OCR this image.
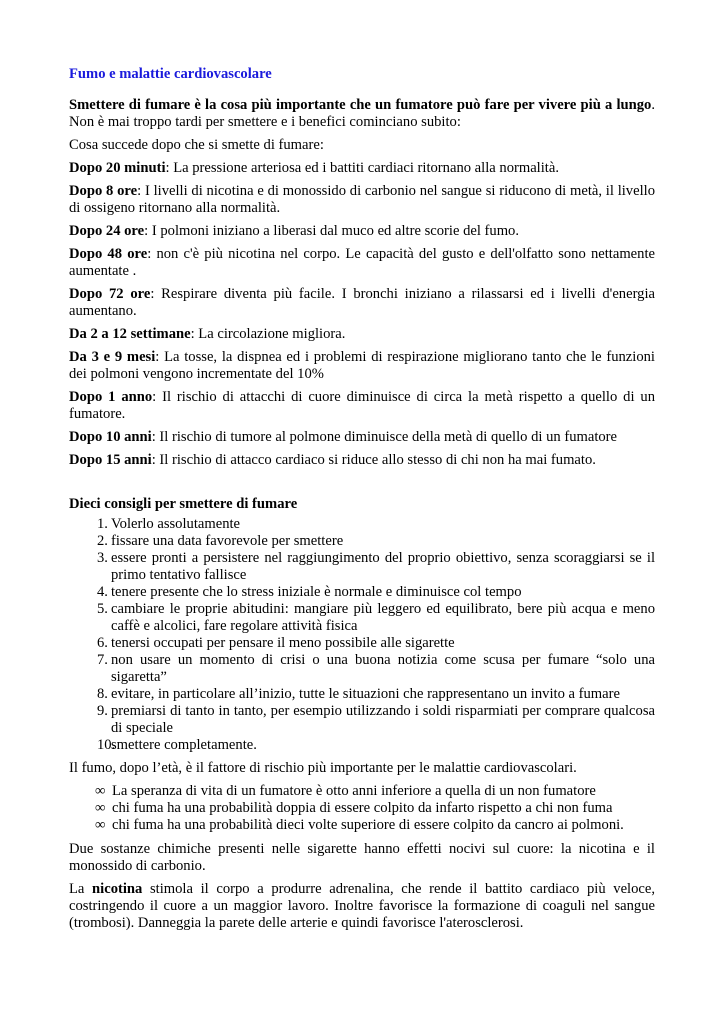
Fumo e malattie cardiovascolare

Smettere di fumare è la cosa più importante che un fumatore può fare per vivere più a lungo. Non è mai troppo tardi per smettere e i benefici cominciano subito:

Cosa succede dopo che si smette di fumare:

Dopo 20 minuti: La pressione arteriosa ed i battiti cardiaci ritornano alla normalità.

Dopo 8 ore: I livelli di nicotina e di monossido di carbonio nel sangue si riducono di metà, il livello di ossigeno ritornano alla normalità.

Dopo 24 ore: I polmoni iniziano a liberasi dal muco ed altre scorie del fumo.

Dopo 48 ore: non c'è più nicotina nel corpo. Le capacità del gusto e dell'olfatto sono nettamente aumentate .

Dopo 72 ore: Respirare diventa più facile. I bronchi iniziano a rilassarsi ed i livelli d'energia aumentano.

Da 2 a 12 settimane: La circolazione migliora.

Da 3 e 9 mesi: La tosse, la dispnea ed i problemi di respirazione migliorano tanto che le funzioni dei polmoni vengono incrementate del 10%

Dopo 1 anno: Il rischio di attacchi di cuore diminuisce di circa la metà rispetto a quello di un fumatore.

Dopo 10 anni: Il rischio di tumore al polmone diminuisce della metà di quello di un fumatore

Dopo 15 anni: Il rischio di attacco cardiaco si riduce allo stesso di chi non ha mai fumato.

Dieci consigli per smettere di fumare
1. Volerlo assolutamente
2. fissare una data favorevole per smettere
3. essere pronti a persistere nel raggiungimento del proprio obiettivo, senza scoraggiarsi se il primo tentativo fallisce
4. tenere presente che lo stress iniziale è normale e diminuisce col tempo
5. cambiare le proprie abitudini: mangiare più leggero ed equilibrato, bere più acqua e meno caffè e alcolici, fare regolare attività fisica
6. tenersi occupati per pensare il meno possibile alle sigarette
7. non usare un momento di crisi o una buona notizia come scusa per fumare “solo una sigaretta”
8. evitare, in particolare all’inizio, tutte le situazioni che rappresentano un invito a fumare
9. premiarsi di tanto in tanto, per esempio utilizzando i soldi risparmiati per comprare qualcosa di speciale
10.
smettere completamente.

Il fumo, dopo l’età, è il fattore di rischio più importante per le malattie cardiovascolari.

∞ La speranza di vita di un fumatore è otto anni inferiore a quella di un non fumatore
∞ chi fuma ha una probabilità doppia di essere colpito da infarto rispetto a chi non fuma
∞ chi fuma ha una probabilità dieci volte superiore di essere colpito da cancro ai polmoni.

Due sostanze chimiche presenti nelle sigarette hanno effetti nocivi sul cuore: la nicotina e il monossido di carbonio.

La nicotina stimola il corpo a produrre adrenalina, che rende il battito cardiaco più veloce, costringendo il cuore a un maggior lavoro. Inoltre favorisce la formazione di coaguli nel sangue (trombosi). Danneggia la parete delle arterie e quindi favorisce l'aterosclerosi.
